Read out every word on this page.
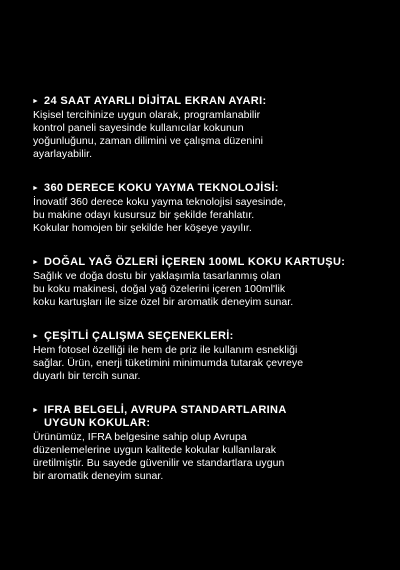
► 24 SAAT AYARLI DİJİTAL EKRAN AYARI:
Kişisel tercihinize uygun olarak, programlanabilir
kontrol paneli sayesinde kullanıcılar kokunun
yoğunluğunu, zaman dilimini ve çalışma düzenini
ayarlayabilir.
► 360 DERECE KOKU YAYMA TEKNOLOJİSİ:
İnovatif 360 derece koku yayma teknolojisi sayesinde,
bu makine odayı kusursuz bir şekilde ferahlatır.
Kokular homojen bir şekilde her köşeye yayılır.
► DOĞAL YAĞ ÖZLERİ İÇEREN 100ML KOKU KARTUŞU:
Sağlık ve doğa dostu bir yaklaşımla tasarlanmış olan
bu koku makinesi, doğal yağ özelerini içeren 100ml'lik
koku kartuşları ile size özel bir aromatik deneyim sunar.
► ÇEŞİTLİ ÇALIŞMA SEÇENEKLERİ:
Hem fotosel özelliği ile hem de priz ile kullanım esnekliği
sağlar. Ürün, enerji tüketimini minimumda tutarak çevreye
duyarlı bir tercih sunar.
► IFRA BELGELİ, AVRUPA STANDARTLARINA
UYGUN KOKULAR:
Ürünümüz, IFRA belgesine sahip olup Avrupa
düzenlemelerine uygun kalitede kokular kullanılarak
üretilmiştir. Bu sayede güvenilir ve standartlara uygun
bir aromatik deneyim sunar.
